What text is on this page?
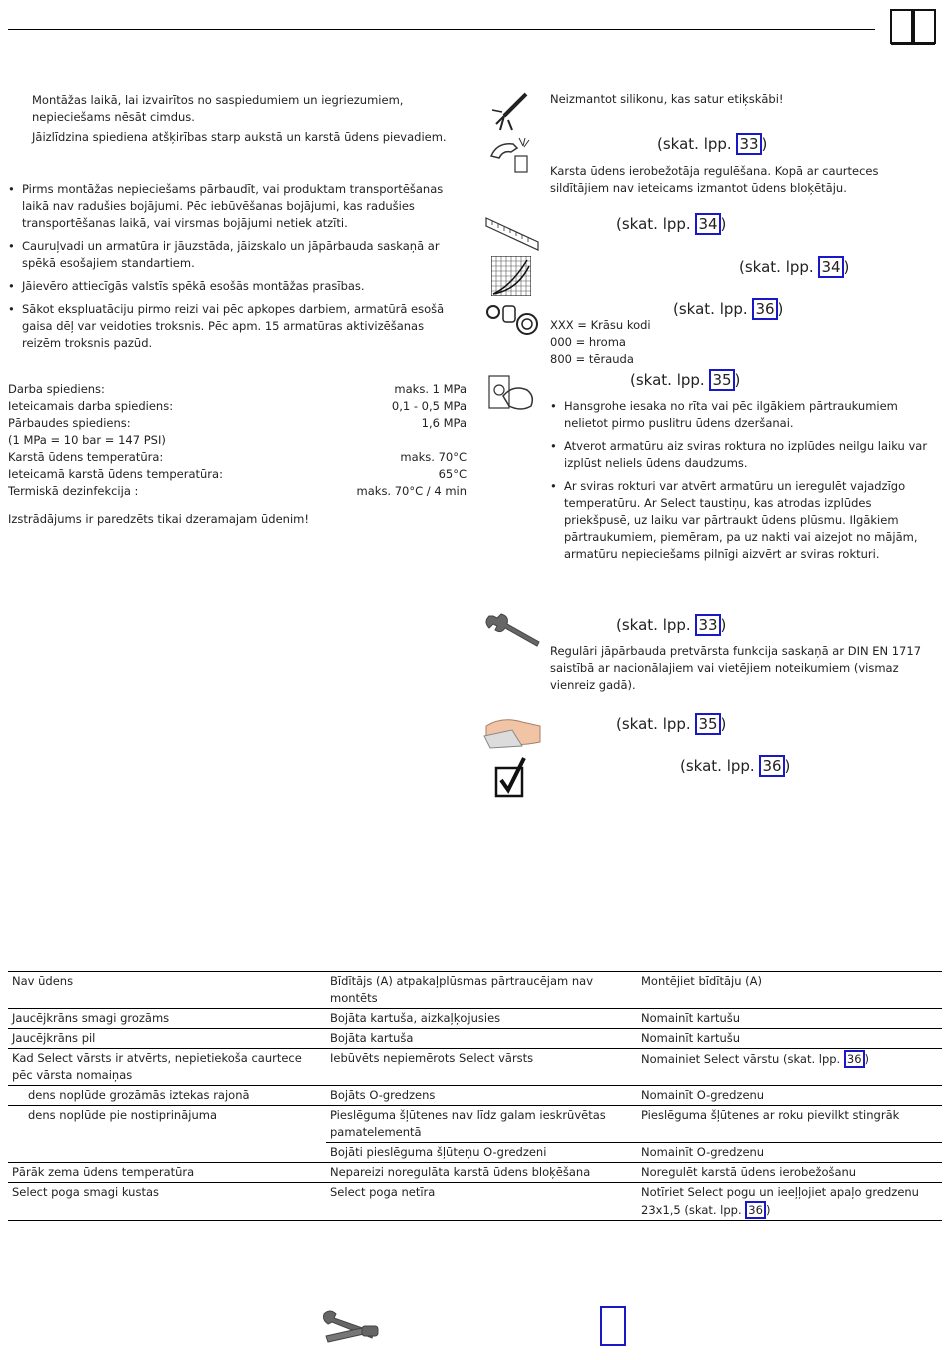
Montāžas laikā, lai izvairītos no saspiedumiem un iegriezumiem, nepieciešams nēsāt cimdus.
Jāizlīdzina spiediena atšķirības starp aukstā un karstā ūdens pievadiem.
• Pirms montāžas nepieciešams pārbaudīt, vai produktam transportēšanas laikā nav radušies bojājumi. Pēc iebūvēšanas bojājumi, kas radušies transportēšanas laikā, vai virsmas bojājumi netiek atzīti.
• Cauruļvadi un armatūra ir jāuzstāda, jāizskalo un jāpārbauda saskaņā ar spēkā esošajiem standartiem.
• Jāievēro attiecīgās valstīs spēkā esošās montāžas prasības.
• Sākot ekspluatāciju pirmo reizi vai pēc apkopes darbiem, armatūrā esošā gaisa dēļ var veidoties troksnis. Pēc apm. 15 armatūras aktivizēšanas reizēm troksnis pazūd.
Darba spiediens:	maks. 1 MPa
Ieteicamais darba spiediens:	0,1 - 0,5 MPa
Pārbaudes spiediens:	1,6 MPa
(1 MPa = 10 bar = 147 PSI)
Karstā ūdens temperatūra:	maks. 70°C
Ieteicamā karstā ūdens temperatūra:	65°C
Termiskā dezinfekcija :	maks. 70°C / 4 min
Izstrādājums ir paredzēts tikai dzeramajam ūdenim!
Neizmantot silikonu, kas satur etiķskābi!
(skat. lpp. 33 )
Karsta ūdens ierobežotāja regulēšana. Kopā ar caurteces sildītājiem nav ieteicams izmantot ūdens bloķētāju.
(skat. lpp. 34 )
(skat. lpp. 34 )
(skat. lpp. 36 )
XXX = Krāsu kodi
000 = hroma
800 = tērauda
(skat. lpp. 35 )
• Hansgrohe iesaka no rīta vai pēc ilgākiem pārtraukumiem nelietot pirmo puslitru ūdens dzeršanai.
• Atverot armatūru aiz sviras roktura no izplūdes neilgu laiku var izplūst neliels ūdens daudzums.
• Ar sviras rokturi var atvērt armatūru un ieregulēt vajadzīgo temperatūru. Ar Select taustiņu, kas atrodas izplūdes priekšpusē, uz laiku var pārtraukt ūdens plūsmu. Ilgākiem pārtraukumiem, piemēram, pa uz nakti vai aizejot no mājām, armatūru nepieciešams pilnīgi aizvērt ar sviras rokturi.
(skat. lpp. 33 )
Regulāri jāpārbauda pretvārsta funkcija saskaņā ar DIN EN 1717 saistībā ar nacionālajiem vai vietējiem noteikumiem (vismaz vienreiz gadā).
(skat. lpp. 35 )
(skat. lpp. 36 )
Nav ūdens	Bīdītājs (A) atpakaļplūsmas pārtraucējam nav montēts	Montējiet bīdītāju (A)
Jaucējkrāns smagi grozāms	Bojāta kartuša, aizkaļķojusies	Nomainīt kartušu
Jaucējkrāns pil	Bojāta kartuša	Nomainīt kartušu
Kad Select vārsts ir atvērts, nepietiekoša caurtece pēc vārsta nomaiņas	Iebūvēts nepiemērots Select vārsts	Nomainiet Select vārstu (skat. lpp. 36 )
dens noplūde grozāmās iztekas rajonā	Bojāts O-gredzens	Nomainīt O-gredzenu
dens noplūde pie nostiprinājuma	Pieslēguma šļūtenes nav līdz galam ieskrūvētas pamatelementā	Pieslēguma šļūtenes ar roku pievilkt stingrāk
	Bojāti pieslēguma šļūteņu O-gredzeni	Nomainīt O-gredzenu
Pārāk zema ūdens temperatūra	Nepareizi noregulāta karstā ūdens bloķēšana	Noregulēt karstā ūdens ierobežošanu
Select poga smagi kustas	Select poga netīra	Notīriet Select pogu un ieeļļojiet apaļo gredzenu 23x1,5 (skat. lpp. 36 )
